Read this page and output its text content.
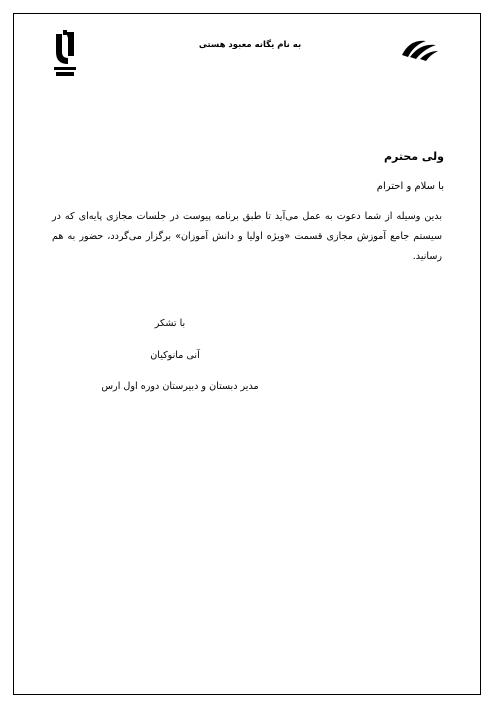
به نام یگانه معبود هستی
ولی محترم
با سلام و احترام
بدین وسیله از شما دعوت به عمل می‌آید تا طبق برنامه پیوست در جلسات مجازی پایه‌ای که در سیستم جامع آموزش مجازی قسمت «ویژه اولیا و دانش آموزان» برگزار می‌گردد، حضور به هم رسانید.
با تشکر
آنی مانوکیان
مدیر دبستان و دبیرستان دوره اول ارس
